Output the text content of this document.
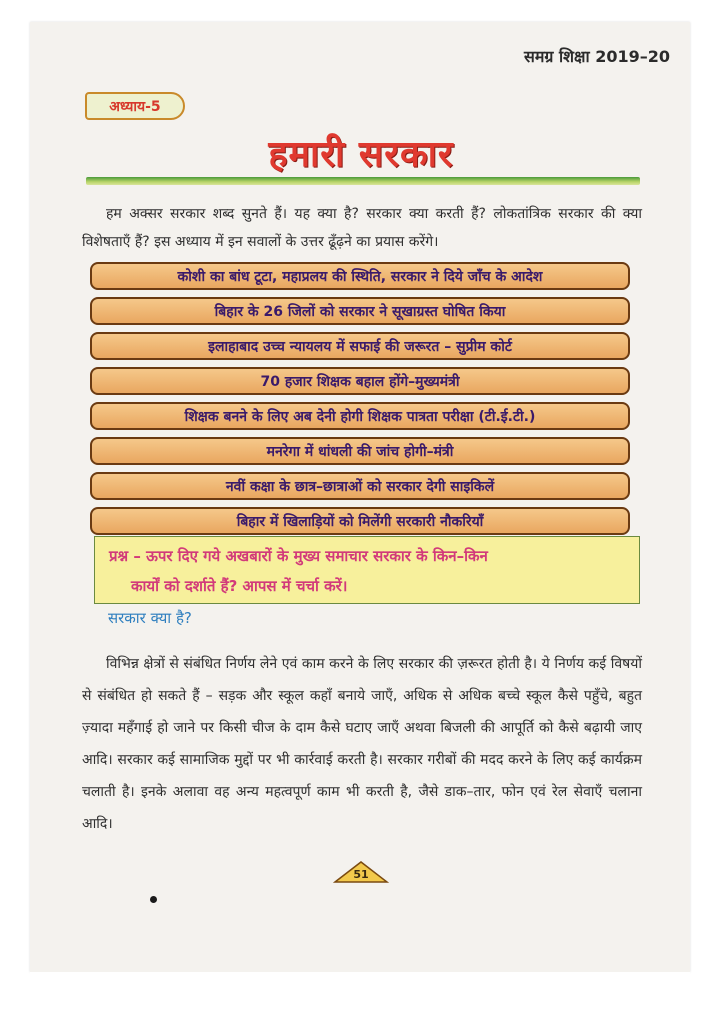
समग्र शिक्षा 2019–20
अध्याय-5
हमारी सरकार
हम अक्सर सरकार शब्द सुनते हैं। यह क्या है? सरकार क्या करती हैं? लोकतांत्रिक सरकार की क्या विशेषताएँ हैं? इस अध्याय में इन सवालों के उत्तर ढूँढ़ने का प्रयास करेंगे।
कोशी का बांध टूटा, महाप्रलय की स्थिति, सरकार ने दिये जाँच के आदेश
बिहार के 26 जिलों को सरकार ने सूखाग्रस्त घोषित किया
इलाहाबाद उच्च न्यायलय में सफाई की जरूरत – सुप्रीम कोर्ट
70 हजार शिक्षक बहाल होंगे–मुख्यमंत्री
शिक्षक बनने के लिए अब देनी होगी शिक्षक पात्रता परीक्षा (टी.ई.टी.)
मनरेगा में धांधली की जांच होगी–मंत्री
नवीं कक्षा के छात्र–छात्राओं को सरकार देगी साइकिलें
बिहार में खिलाड़ियों को मिलेंगी सरकारी नौकरियाँ
प्रश्न – ऊपर दिए गये अखबारों के मुख्य समाचार सरकार के किन–किन
कार्यों को दर्शाते हैं? आपस में चर्चा करें।
सरकार क्या है?
विभिन्न क्षेत्रों से संबंधित निर्णय लेने एवं काम करने के लिए सरकार की ज़रूरत होती है। ये निर्णय कई विषयों से संबंधित हो सकते हैं – सड़क और स्कूल कहाँ बनाये जाएँ, अधिक से अधिक बच्चे स्कूल कैसे पहुँचे, बहुत ज़्यादा महँगाई हो जाने पर किसी चीज के दाम कैसे घटाए जाएँ अथवा बिजली की आपूर्ति को कैसे बढ़ायी जाए आदि। सरकार कई सामाजिक मुद्दों पर भी कार्रवाई करती है। सरकार गरीबों की मदद करने के लिए कई कार्यक्रम चलाती है। इनके अलावा वह अन्य महत्वपूर्ण काम भी करती है, जैसे डाक–तार, फोन एवं रेल सेवाएँ चलाना आदि।
51
